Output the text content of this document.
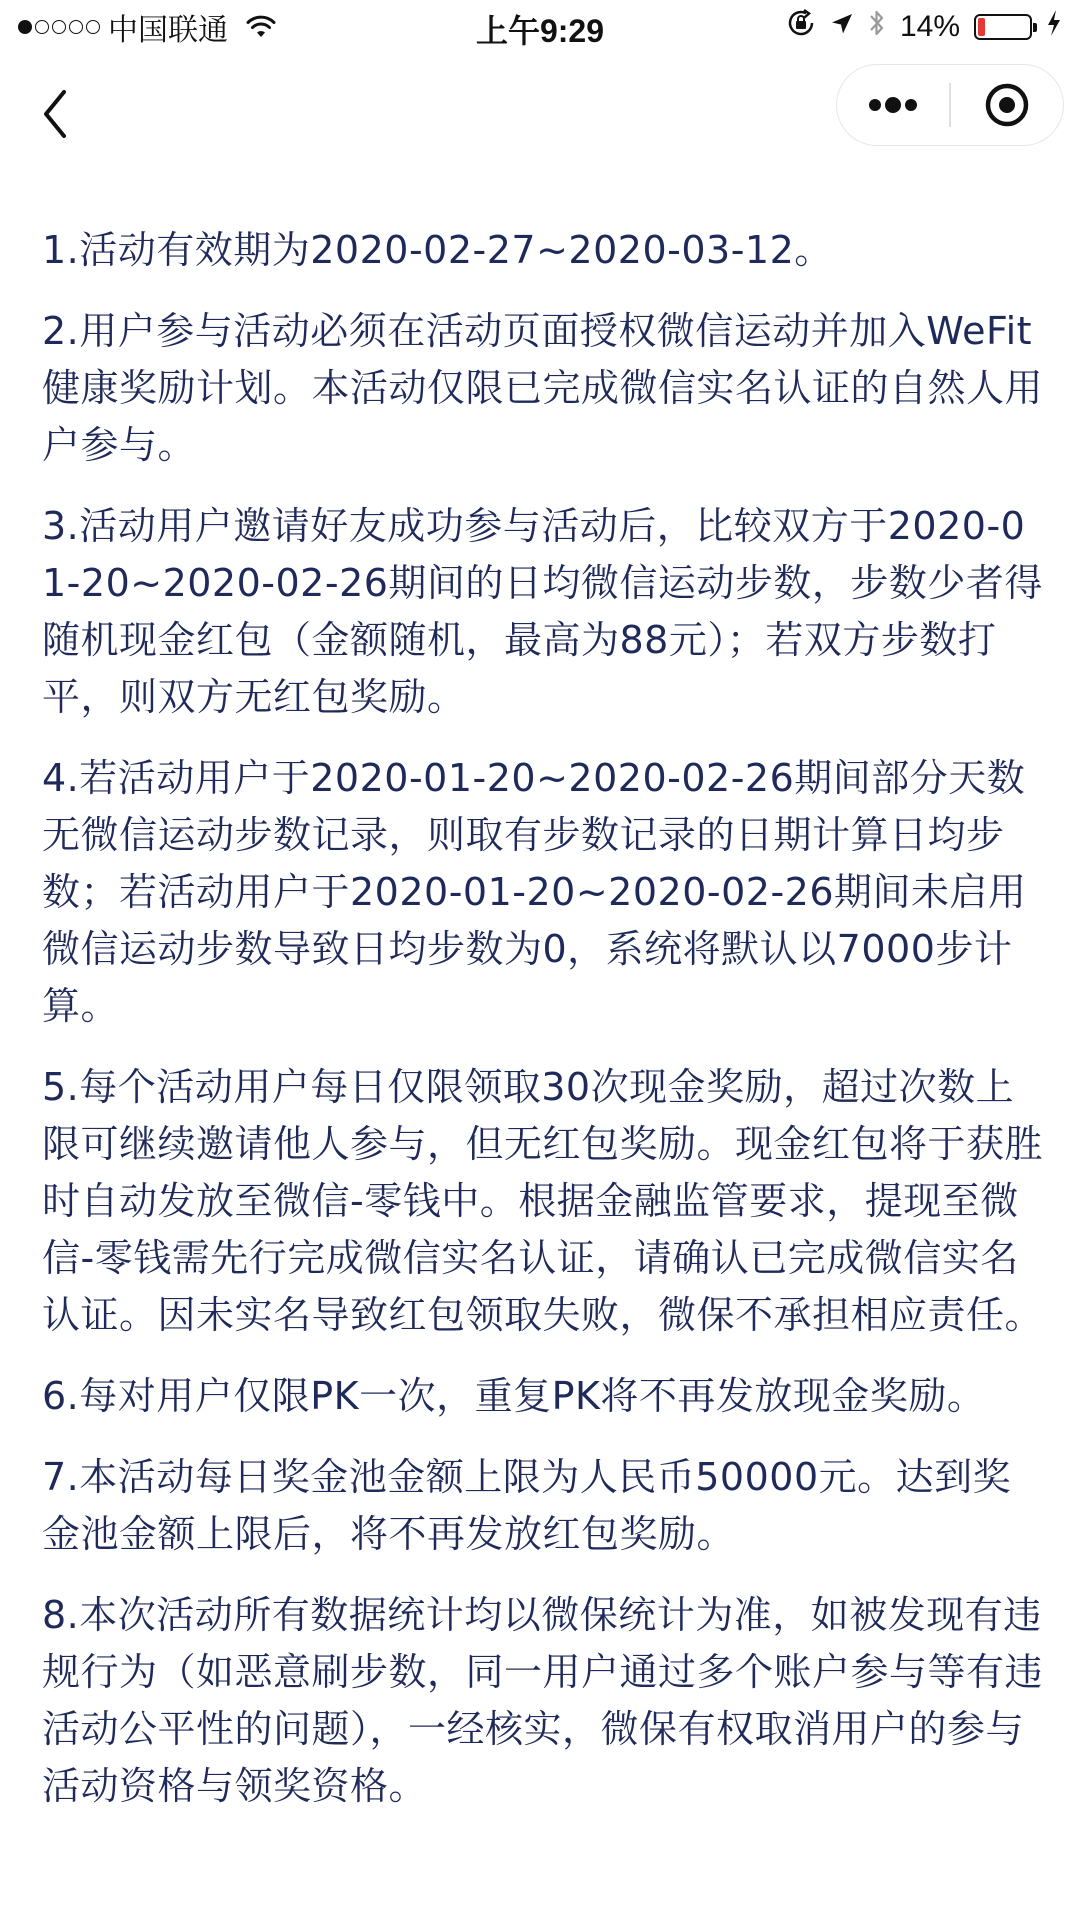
中国联通	上午9:29	14%

1.活动有效期为2020-02-27~2020-03-12。

2.用户参与活动必须在活动页面授权微信运动并加入WeFit健康奖励计划。本活动仅限已完成微信实名认证的自然人用户参与。

3.活动用户邀请好友成功参与活动后，比较双方于2020-01-20~2020-02-26期间的日均微信运动步数，步数少者得随机现金红包（金额随机，最高为88元）；若双方步数打平，则双方无红包奖励。

4.若活动用户于2020-01-20~2020-02-26期间部分天数无微信运动步数记录，则取有步数记录的日期计算日均步数；若活动用户于2020-01-20~2020-02-26期间未启用微信运动步数导致日均步数为0，系统将默认以7000步计算。

5.每个活动用户每日仅限领取30次现金奖励，超过次数上限可继续邀请他人参与，但无红包奖励。现金红包将于获胜时自动发放至微信-零钱中。根据金融监管要求，提现至微信-零钱需先行完成微信实名认证，请确认已完成微信实名认证。因未实名导致红包领取失败，微保不承担相应责任。

6.每对用户仅限PK一次，重复PK将不再发放现金奖励。

7.本活动每日奖金池金额上限为人民币50000元。达到奖金池金额上限后，将不再发放红包奖励。

8.本次活动所有数据统计均以微保统计为准，如被发现有违规行为（如恶意刷步数，同一用户通过多个账户参与等有违活动公平性的问题），一经核实，微保有权取消用户的参与活动资格与领奖资格。
